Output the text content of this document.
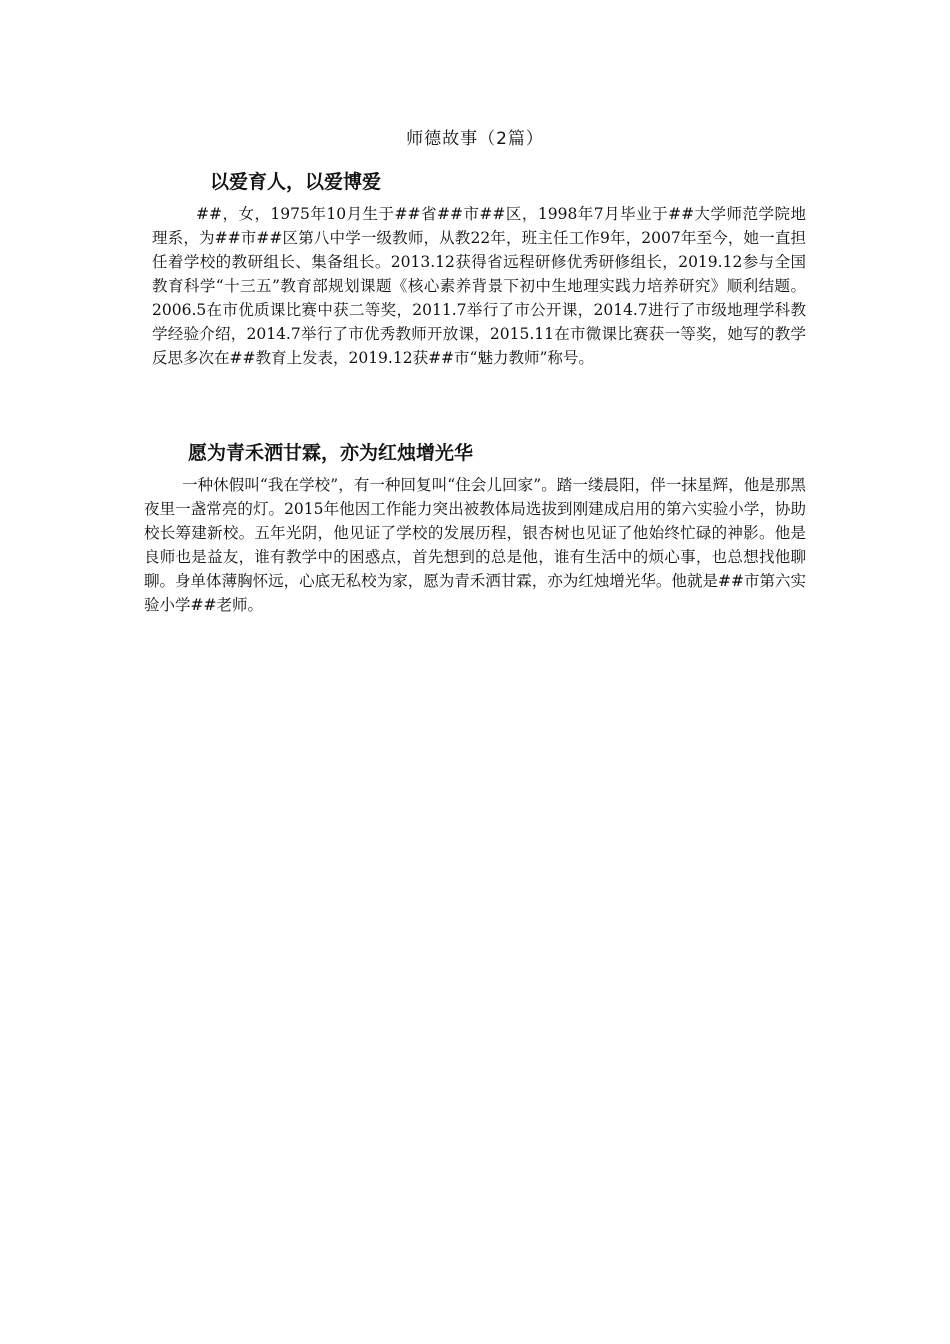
师德故事（2篇）
以爱育人，以爱博爱

##，女，1975年10月生于##省##市##区，1998年7月毕业于##大学师范学院地理系，为##市##区第八中学一级教师，从教22年，班主任工作9年，2007年至今，她一直担任着学校的教研组长、集备组长。2013.12获得省远程研修优秀研修组长，2019.12参与全国教育科学“十三五”教育部规划课题《核心素养背景下初中生地理实践力培养研究》顺利结题。2006.5在市优质课比赛中获二等奖，2011.7举行了市公开课，2014.7进行了市级地理学科教学经验介绍，2014.7举行了市优秀教师开放课，2015.11在市微课比赛获一等奖，她写的教学反思多次在##教育上发表，2019.12获##市“魅力教师”称号。

愿为青禾洒甘霖，亦为红烛增光华

一种休假叫“我在学校”，有一种回复叫“住会儿回家”。踏一缕晨阳，伴一抹星辉，他是那黑夜里一盏常亮的灯。2015年他因工作能力突出被教体局选拔到刚建成启用的第六实验小学，协助校长筹建新校。五年光阴，他见证了学校的发展历程，银杏树也见证了他始终忙碌的神影。他是良师也是益友，谁有教学中的困惑点，首先想到的总是他，谁有生活中的烦心事，也总想找他聊聊。身单体薄胸怀远，心底无私校为家，愿为青禾洒甘霖，亦为红烛增光华。他就是##市第六实验小学##老师。
